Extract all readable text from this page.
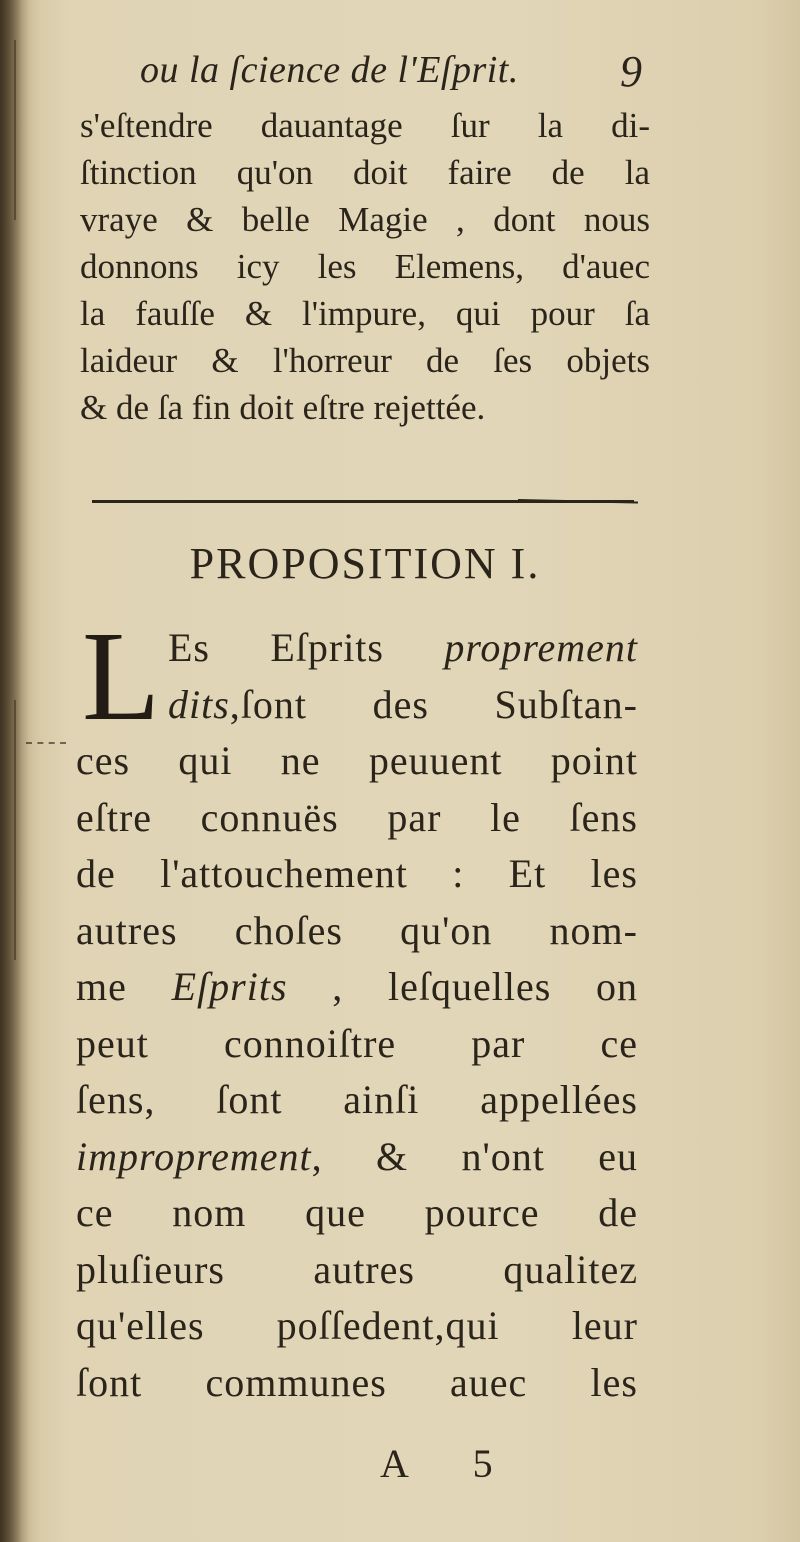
ou la ſcience de l'Eſprit. 9
s'eſtendre dauantage ſur la di-
ſtinction qu'on doit faire de la
vraye & belle Magie , dont nous
donnons icy les Elemens, d'auec
la fauſſe & l'impure, qui pour ſa
laideur & l'horreur de ſes objets
& de ſa fin doit eſtre rejettée.
PROPOSITION I.
L Es Eſprits proprement
dits,ſont des Subſtan-
ces qui ne peuuent point
eſtre connuës par le ſens
de l'attouchement : Et les
autres choſes qu'on nom-
me Eſprits , leſquelles on
peut connoiſtre par ce
ſens, ſont ainſi appellées
improprement, & n'ont eu
ce nom que pource de
pluſieurs autres qualitez
qu'elles poſſedent,qui leur
ſont communes auec les
A 5
